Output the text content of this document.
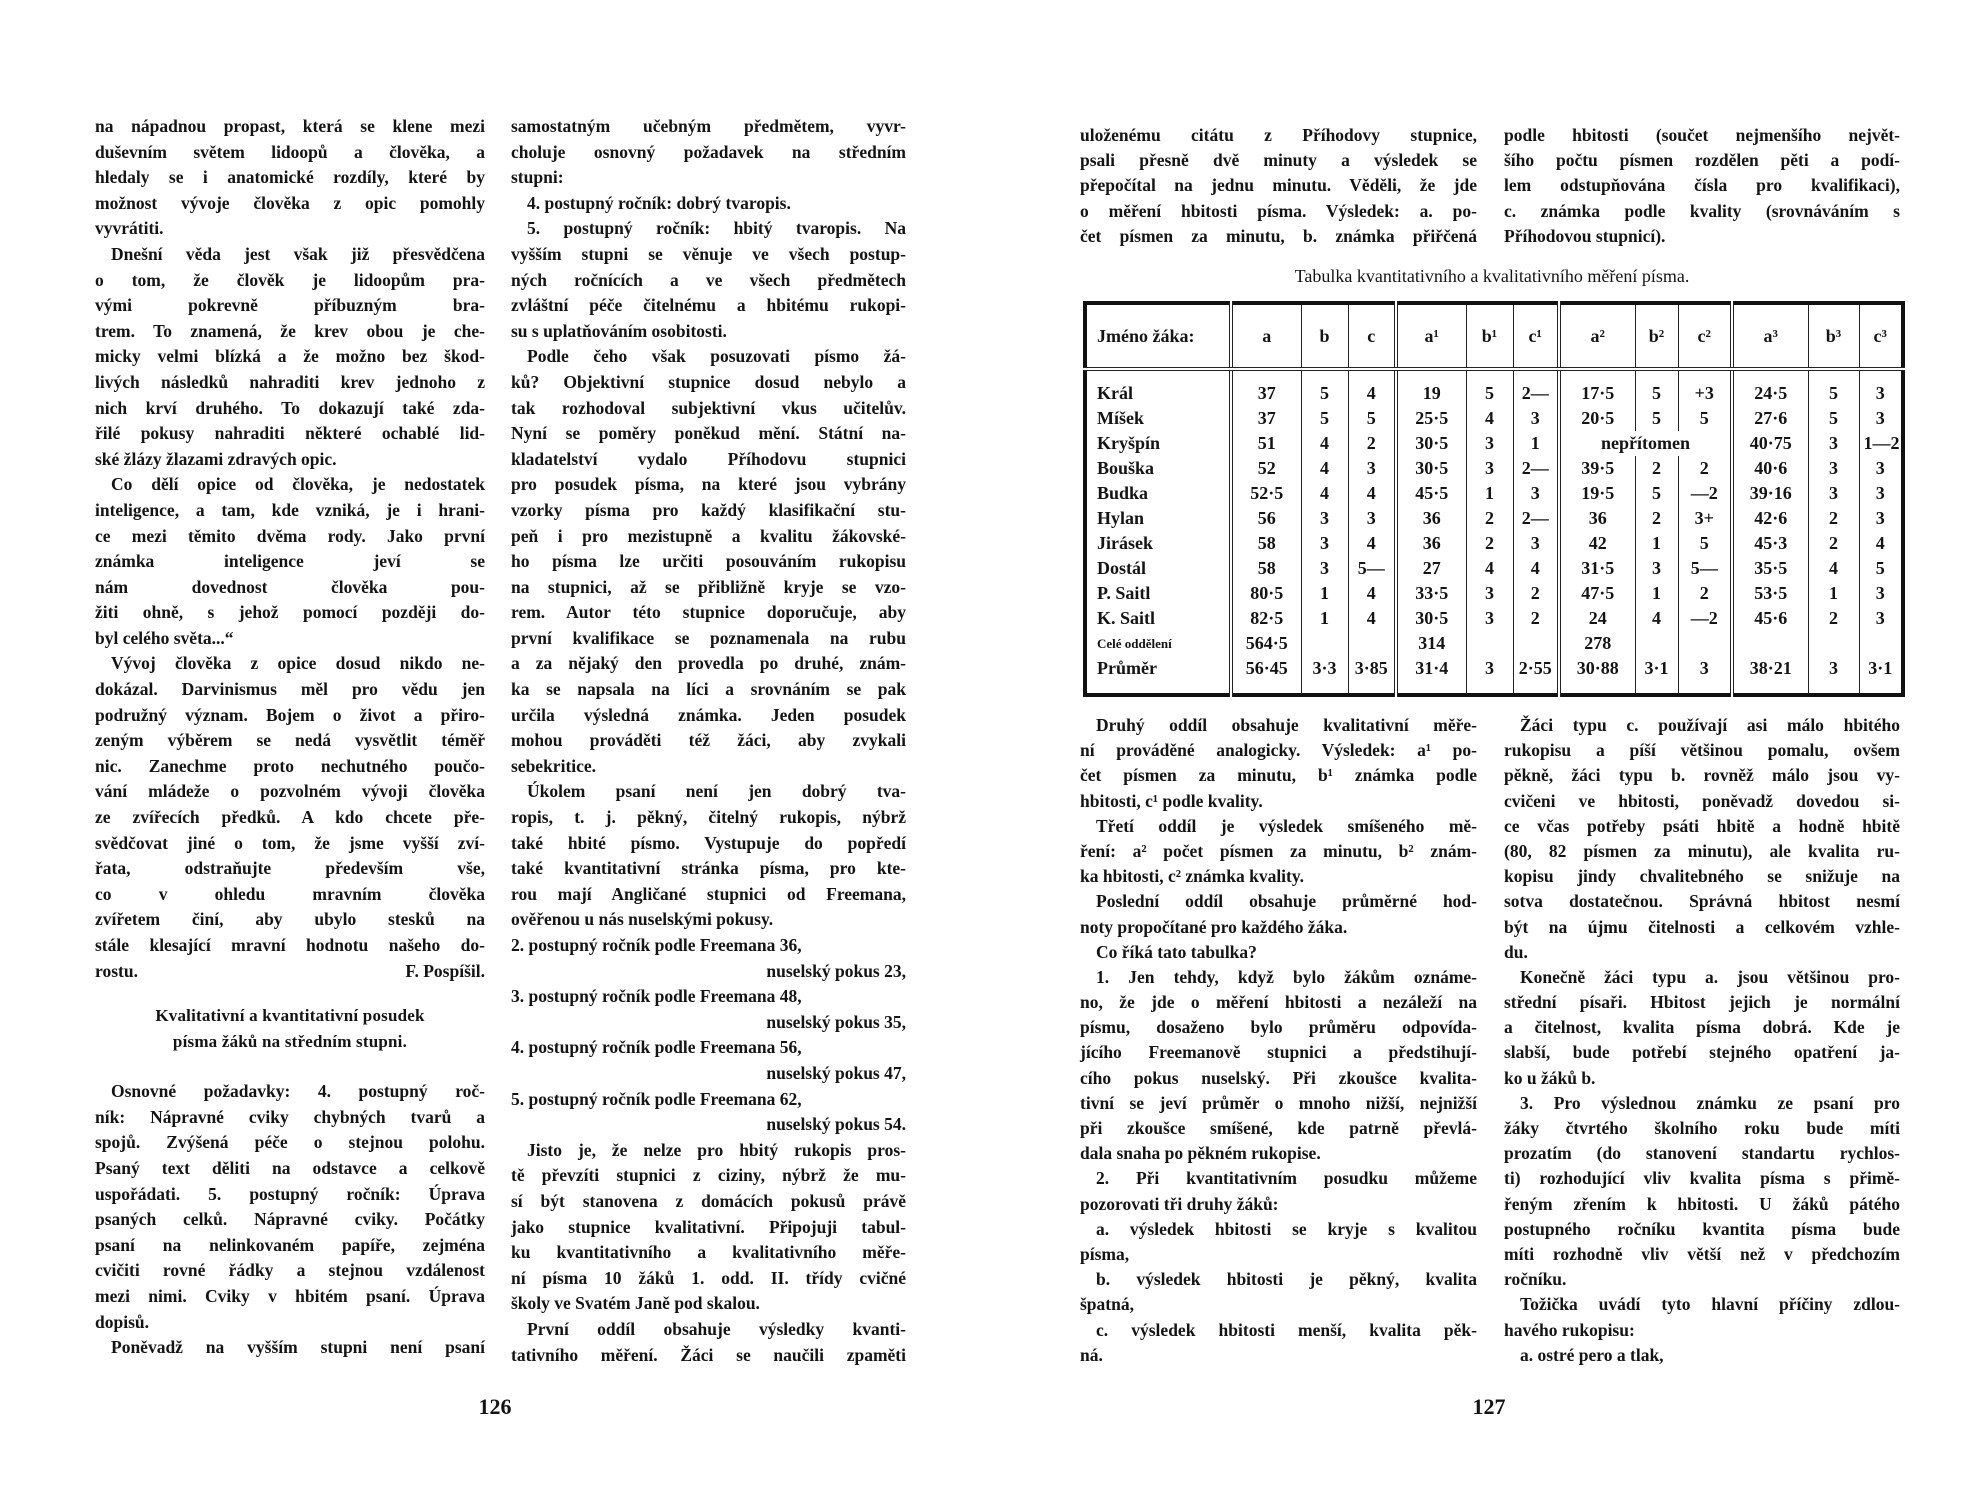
na nápadnou propast, která se klene mezi
duševním světem lidoopů a člověka, a
hledaly se i anatomické rozdíly, které by
možnost vývoje člověka z opic pomohly
vyvrátiti.
Dnešní věda jest však již přesvědčena
o tom, že člověk je lidoopům pra-
vými pokrevně příbuzným bra-
trem. To znamená, že krev obou je che-
micky velmi blízká a že možno bez škod-
livých následků nahraditi krev jednoho z
nich krví druhého. To dokazují také zda-
řilé pokusy nahraditi některé ochablé lid-
ské žlázy žlazami zdravých opic.
Co dělí opice od člověka, je nedostatek
inteligence, a tam, kde vzniká, je i hrani-
ce mezi těmito dvěma rody. Jako první
známka inteligence jeví se
nám dovednost člověka pou-
žiti ohně, s jehož pomocí později do-
byl celého světa...“
Vývoj člověka z opice dosud nikdo ne-
dokázal. Darvinismus měl pro vědu jen
podružný význam. Bojem o život a přiro-
zeným výběrem se nedá vysvětlit téměř
nic. Zanechme proto nechutného poučo-
vání mládeže o pozvolném vývoji člověka
ze zvířecích předků. A kdo chcete pře-
svědčovat jiné o tom, že jsme vyšší zví-
řata, odstraňujte především vše,
co v ohledu mravním člověka
zvířetem činí, aby ubylo stesků na
stále klesající mravní hodnotu našeho do-
rostu.	F. Pospíšil.
Kvalitativní a kvantitativní posudek
písma žáků na středním stupni.
Osnovné požadavky: 4. postupný roč-
ník: Nápravné cviky chybných tvarů a
spojů. Zvýšená péče o stejnou polohu.
Psaný text děliti na odstavce a celkově
uspořádati. 5. postupný ročník: Úprava
psaných celků. Nápravné cviky. Počátky
psaní na nelinkovaném papíře, zejména
cvičiti rovné řádky a stejnou vzdálenost
mezi nimi. Cviky v hbitém psaní. Úprava
dopisů.
Poněvadž na vyšším stupni není psaní
samostatným učebným předmětem, vyvr-
choluje osnovný požadavek na středním
stupni:
4. postupný ročník: dobrý tvaropis.
5. postupný ročník: hbitý tvaropis. Na
vyšším stupni se věnuje ve všech postup-
ných ročnících a ve všech předmětech
zvláštní péče čitelnému a hbitému rukopi-
su s uplatňováním osobitosti.
Podle čeho však posuzovati písmo žá-
ků? Objektivní stupnice dosud nebylo a
tak rozhodoval subjektivní vkus učitelův.
Nyní se poměry poněkud mění. Státní na-
kladatelství vydalo Příhodovu stupnici
pro posudek písma, na které jsou vybrány
vzorky písma pro každý klasifikační stu-
peň i pro mezistupně a kvalitu žákovské-
ho písma lze určiti posouváním rukopisu
na stupnici, až se přibližně kryje se vzo-
rem. Autor této stupnice doporučuje, aby
první kvalifikace se poznamenala na rubu
a za nějaký den provedla po druhé, znám-
ka se napsala na líci a srovnáním se pak
určila výsledná známka. Jeden posudek
mohou prováděti též žáci, aby zvykali
sebekritice.
Úkolem psaní není jen dobrý tva-
ropis, t. j. pěkný, čitelný rukopis, nýbrž
také hbité písmo. Vystupuje do popředí
také kvantitativní stránka písma, pro kte-
rou mají Angličané stupnici od Freemana,
ověřenou u nás nuselskými pokusy.
2. postupný ročník podle Freemana 36,
nuselský pokus 23,
3. postupný ročník podle Freemana 48,
nuselský pokus 35,
4. postupný ročník podle Freemana 56,
nuselský pokus 47,
5. postupný ročník podle Freemana 62,
nuselský pokus 54.
Jisto je, že nelze pro hbitý rukopis pros-
tě převzíti stupnici z ciziny, nýbrž že mu-
sí být stanovena z domácích pokusů právě
jako stupnice kvalitativní. Připojuji tabul-
ku kvantitativního a kvalitativního měře-
ní písma 10 žáků 1. odd. II. třídy cvičné
školy ve Svatém Janě pod skalou.
První oddíl obsahuje výsledky kvanti-
tativního měření. Žáci se naučili zpaměti
126
uloženému citátu z Příhodovy stupnice,
psali přesně dvě minuty a výsledek se
přepočítal na jednu minutu. Věděli, že jde
o měření hbitosti písma. Výsledek: a. po-
čet písmen za minutu, b. známka přiřčená
podle hbitosti (součet nejmenšího největ-
šího počtu písmen rozdělen pěti a podí-
lem odstupňována čísla pro kvalifikaci),
c. známka podle kvality (srovnáváním s
Příhodovou stupnicí).
Tabulka kvantitativního a kvalitativního měření písma.
Jméno žáka:	a	b	c	a¹	b¹	c¹	a²	b²	c²	a³	b³	c³
Král	37	5	4	19	5	2—	17·5	5	+3	24·5	5	3
Míšek	37	5	5	25·5	4	3	20·5	5	5	27·6	5	3
Kryšpín	51	4	2	30·5	3	1	nepřítomen			40·75	3	1—2
Bouška	52	4	3	30·5	3	2—	39·5	2	2	40·6	3	3
Budka	52·5	4	4	45·5	1	3	19·5	5	—2	39·16	3	3
Hylan	56	3	3	36	2	2—	36	2	3+	42·6	2	3
Jirásek	58	3	4	36	2	3	42	1	5	45·3	2	4
Dostál	58	3	5—	27	4	4	31·5	3	5—	35·5	4	5
P. Saitl	80·5	1	4	33·5	3	2	47·5	1	2	53·5	1	3
K. Saitl	82·5	1	4	30·5	3	2	24	4	—2	45·6	2	3
Celé oddělení	564·5			314			278					
Průměr	56·45	3·3	3·85	31·4	3	2·55	30·88	3·1	3	38·21	3	3·1
Druhý oddíl obsahuje kvalitativní měře-
ní prováděné analogicky. Výsledek: a¹ po-
čet písmen za minutu, b¹ známka podle
hbitosti, c¹ podle kvality.
Třetí oddíl je výsledek smíšeného mě-
ření: a² počet písmen za minutu, b² znám-
ka hbitosti, c² známka kvality.
Poslední oddíl obsahuje průměrné hod-
noty propočítané pro každého žáka.
Co říká tato tabulka?
1. Jen tehdy, když bylo žákům oznáme-
no, že jde o měření hbitosti a nezáleží na
písmu, dosaženo bylo průměru odpovída-
jícího Freemanově stupnici a předstihují-
cího pokus nuselský. Při zkoušce kvalita-
tivní se jeví průměr o mnoho nižší, nejnižší
při zkoušce smíšené, kde patrně převlá-
dala snaha po pěkném rukopise.
2. Při kvantitativním posudku můžeme
pozorovati tři druhy žáků:
a. výsledek hbitosti se kryje s kvalitou
písma,
b. výsledek hbitosti je pěkný, kvalita
špatná,
c. výsledek hbitosti menší, kvalita pěk-
ná.
Žáci typu c. používají asi málo hbitého
rukopisu a píší většinou pomalu, ovšem
pěkně, žáci typu b. rovněž málo jsou vy-
cvičeni ve hbitosti, poněvadž dovedou si-
ce včas potřeby psáti hbitě a hodně hbitě
(80, 82 písmen za minutu), ale kvalita ru-
kopisu jindy chvalitebného se snižuje na
sotva dostatečnou. Správná hbitost nesmí
být na újmu čitelnosti a celkovém vzhle-
du.
Konečně žáci typu a. jsou většinou pro-
střední písaři. Hbitost jejich je normální
a čitelnost, kvalita písma dobrá. Kde je
slabší, bude potřebí stejného opatření ja-
ko u žáků b.
3. Pro výslednou známku ze psaní pro
žáky čtvrtého školního roku bude míti
prozatím (do stanovení standartu rychlos-
ti) rozhodující vliv kvalita písma s přimě-
řeným zřením k hbitosti. U žáků pátého
postupného ročníku kvantita písma bude
míti rozhodně vliv větší než v předchozím
ročníku.
Tožička uvádí tyto hlavní příčiny zdlou-
havého rukopisu:
a. ostré pero a tlak,
127
